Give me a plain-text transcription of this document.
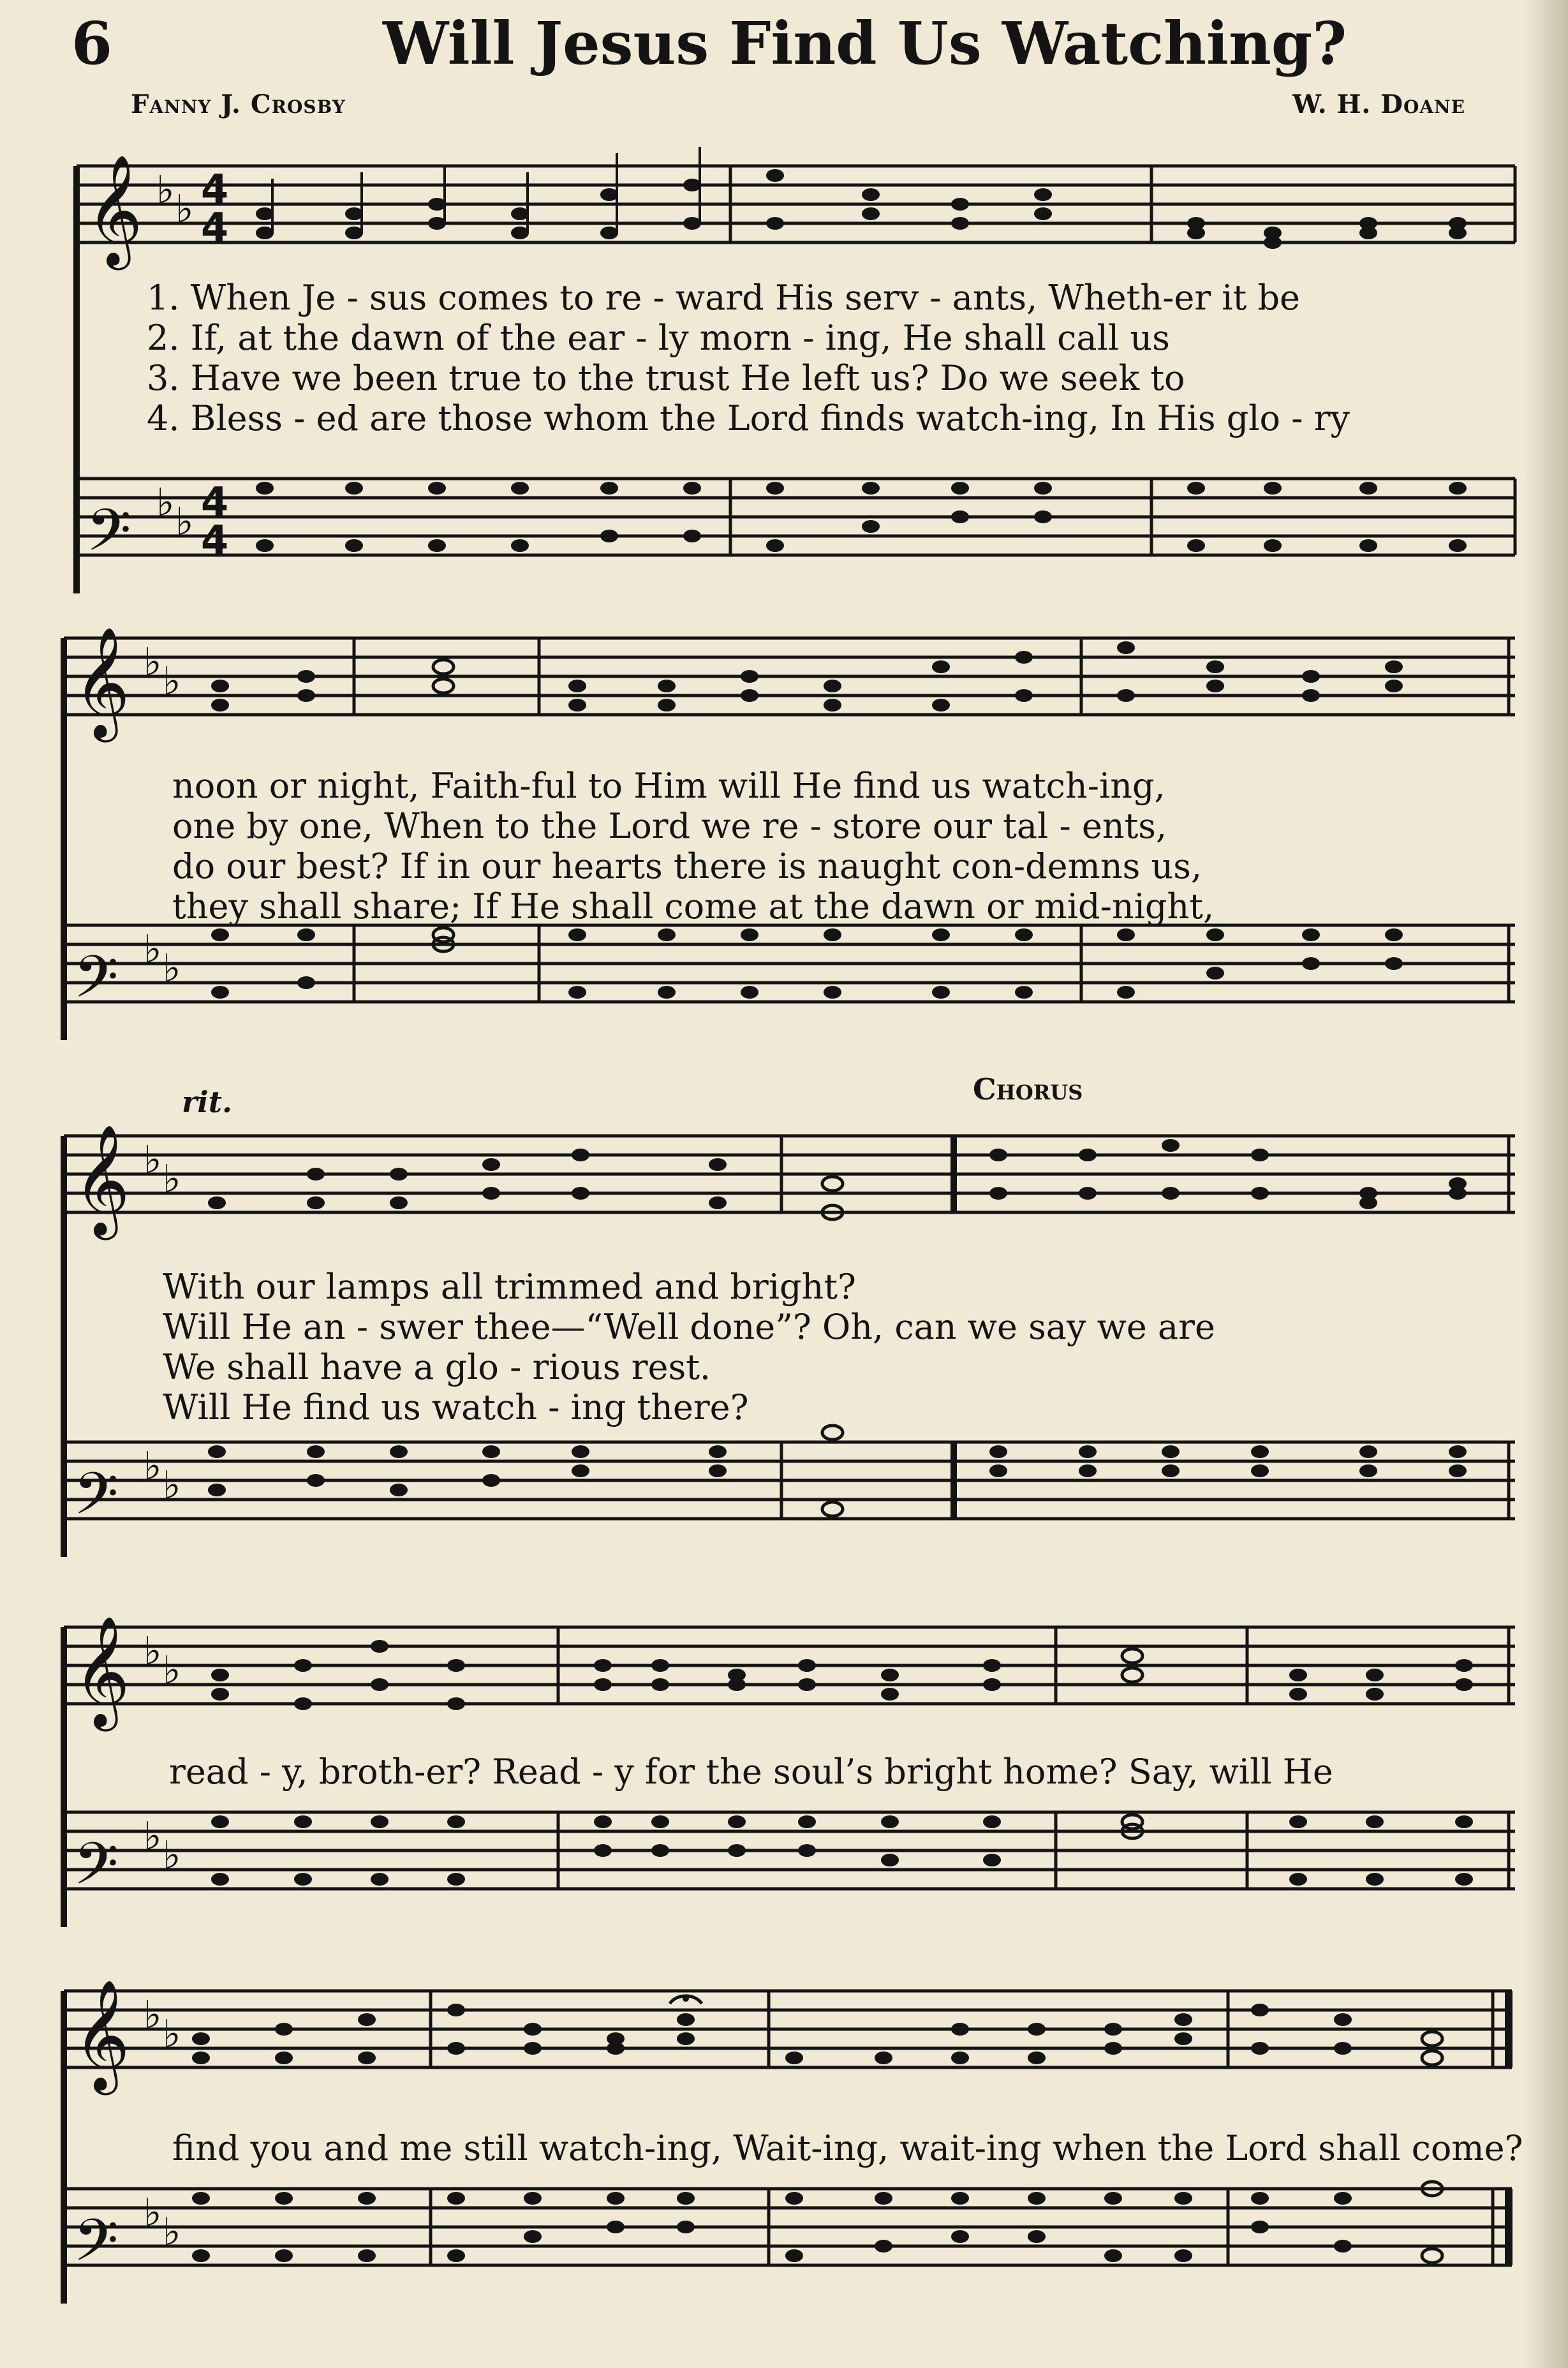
6	Will Jesus Find Us Watching?
Fanny J. Crosby	W. H. Doane
𝄞
𝄢
♭ ♭
♭ ♭
4
4
4
4
1. When Je - sus comes to re - ward His serv - ants, Wheth-er it be
2. If, at the dawn of the ear - ly morn - ing, He shall call us
3. Have we been true to the trust He left us? Do we seek to
4. Bless - ed are those whom the Lord finds watch-ing, In His glo - ry
𝄞
𝄢
♭ ♭
♭ ♭
noon or night, Faith-ful to Him will He find us watch-ing,
one by one, When to the Lord we re - store our tal - ents,
do our best? If in our hearts there is naught con-demns us,
they shall share; If He shall come at the dawn or mid-night,
rit.	Chorus
𝄞
𝄢
♭ ♭
♭ ♭
With our lamps all trimmed and bright?
Will He an - swer thee—“Well done”? Oh, can we say we are
We shall have a glo - rious rest.
Will He find us watch - ing there?
𝄞
𝄢
♭ ♭
♭ ♭
read - y, broth-er? Read - y for the soul’s bright home? Say, will He
𝄞
𝄢
♭ ♭
♭ ♭
find you and me still watch-ing, Wait-ing, wait-ing when the Lord shall come?
